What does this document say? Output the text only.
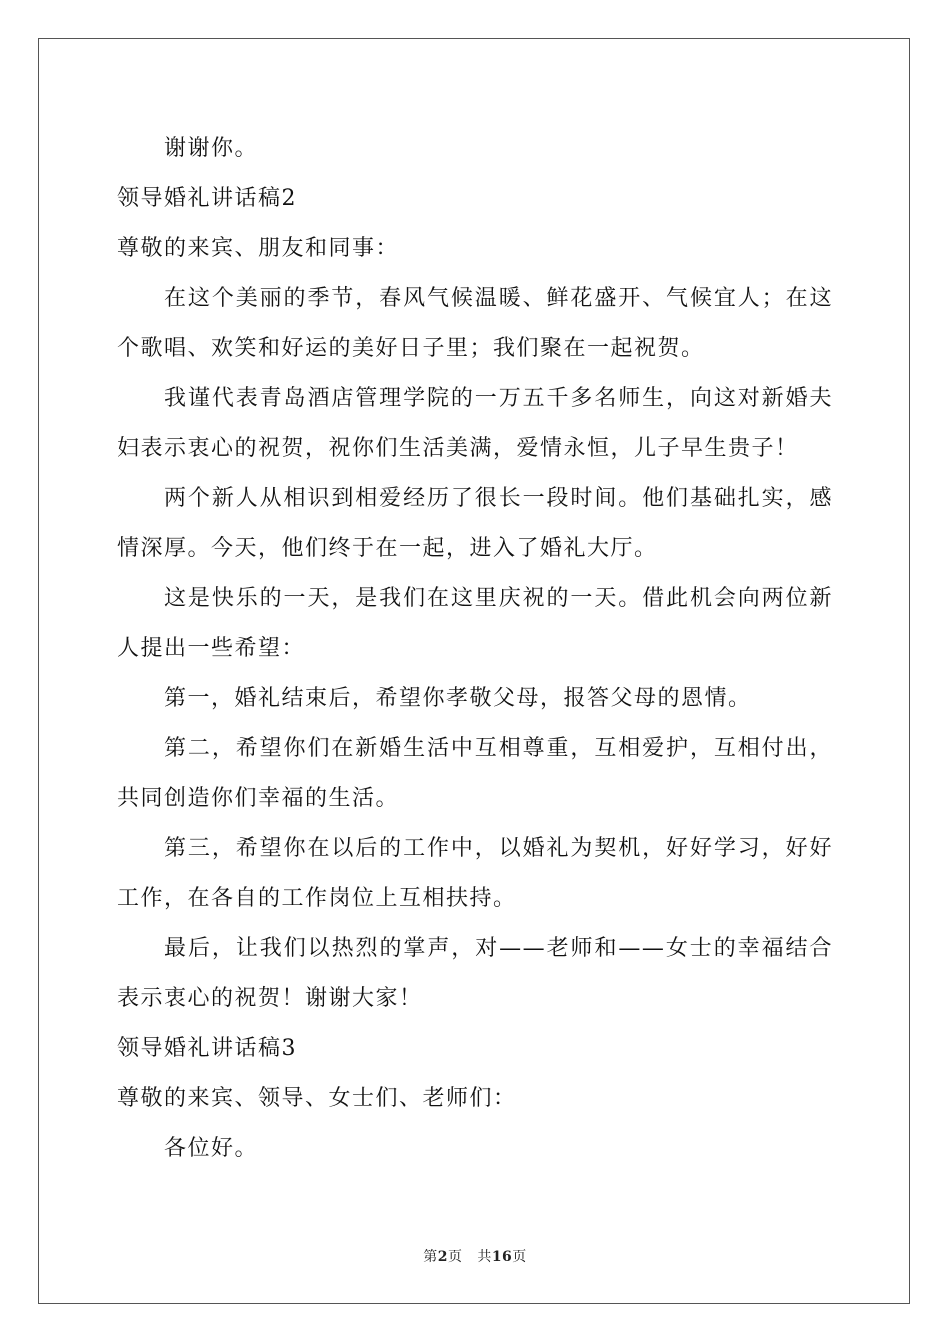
谢谢你。
领导婚礼讲话稿2
尊敬的来宾、朋友和同事：
在这个美丽的季节，春风气候温暖、鲜花盛开、气候宜人；在这
个歌唱、欢笑和好运的美好日子里；我们聚在一起祝贺。
我谨代表青岛酒店管理学院的一万五千多名师生，向这对新婚夫
妇表示衷心的祝贺，祝你们生活美满，爱情永恒，儿子早生贵子！
两个新人从相识到相爱经历了很长一段时间。他们基础扎实，感
情深厚。今天，他们终于在一起，进入了婚礼大厅。
这是快乐的一天，是我们在这里庆祝的一天。借此机会向两位新
人提出一些希望：
第一，婚礼结束后，希望你孝敬父母，报答父母的恩情。
第二，希望你们在新婚生活中互相尊重，互相爱护，互相付出，
共同创造你们幸福的生活。
第三，希望你在以后的工作中，以婚礼为契机，好好学习，好好
工作，在各自的工作岗位上互相扶持。
最后，让我们以热烈的掌声，对——老师和——女士的幸福结合
表示衷心的祝贺！谢谢大家！
领导婚礼讲话稿3
尊敬的来宾、领导、女士们、老师们：
各位好。
第2页 共16页
